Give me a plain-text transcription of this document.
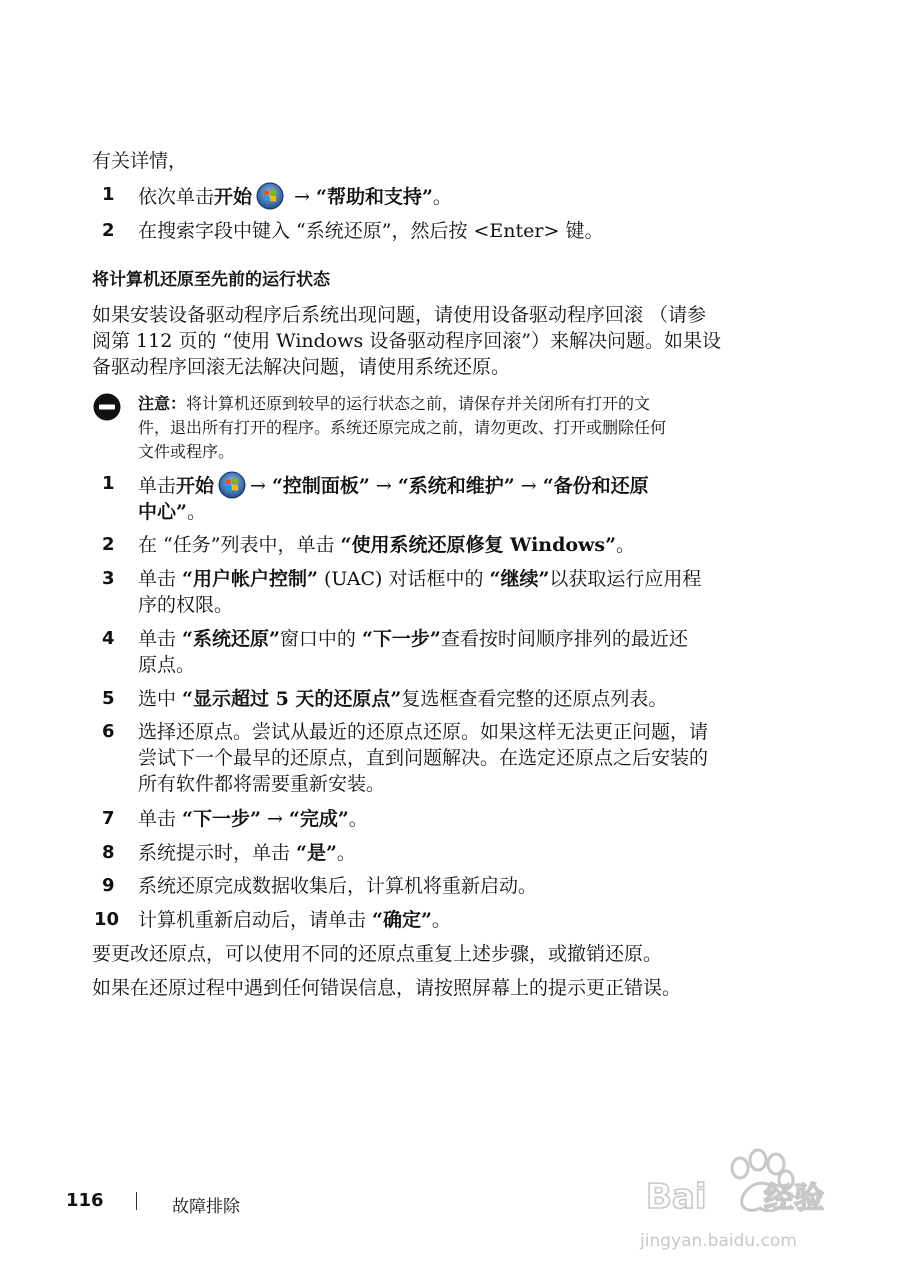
有关详情，

1	依次单击开始 → “帮助和支持”。
2	在搜索字段中键入 “系统还原”，然后按 <Enter> 键。
将计算机还原至先前的运行状态
如果安装设备驱动程序后系统出现问题，请使用设备驱动程序回滚 （请参
阅第 112 页的 “使用 Windows 设备驱动程序回滚”）来解决问题。如果设
备驱动程序回滚无法解决问题，请使用系统还原。
注意：将计算机还原到较早的运行状态之前，请保存并关闭所有打开的文
件，退出所有打开的程序。系统还原完成之前，请勿更改、打开或删除任何
文件或程序。
1	单击开始 → “控制面板” → “系统和维护” → “备份和还原
中心”。
2	在 “任务”列表中，单击 “使用系统还原修复 Windows”。
3	单击 “用户帐户控制” (UAC) 对话框中的 “继续”以获取运行应用程
序的权限。
4	单击 “系统还原”窗口中的 “下一步”查看按时间顺序排列的最近还
原点。
5	选中 “显示超过 5 天的还原点”复选框查看完整的还原点列表。
6	选择还原点。尝试从最近的还原点还原。如果这样无法更正问题，请
尝试下一个最早的还原点，直到问题解决。在选定还原点之后安装的
所有软件都将需要重新安装。
7	单击 “下一步” → “完成”。
8	系统提示时，单击 “是”。
9	系统还原完成数据收集后，计算机将重新启动。
10 计算机重新启动后，请单击 “确定”。

要更改还原点，可以使用不同的还原点重复上述步骤，或撤销还原。

如果在还原过程中遇到任何错误信息，请按照屏幕上的提示更正错误。

116	故障排除	Bai 经验
jingyan.baidu.com
